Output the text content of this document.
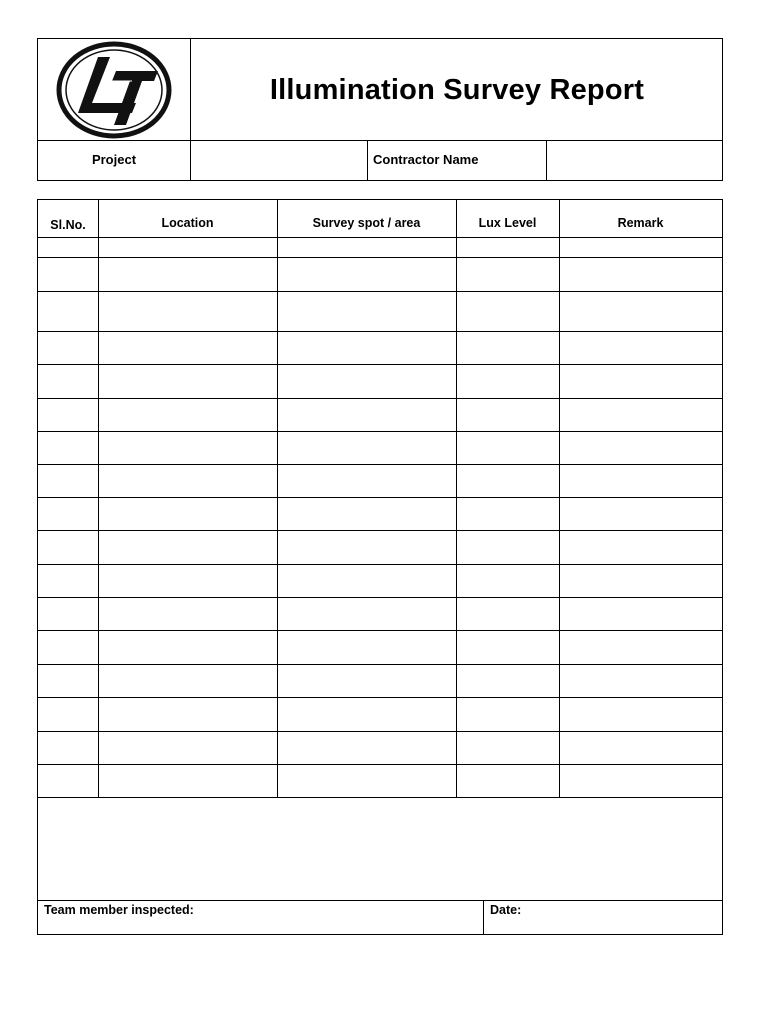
Illumination Survey Report
Project	Contractor Name
Sl.No.	Location	Survey spot / area	Lux Level	Remark
Team member inspected:	Date:
